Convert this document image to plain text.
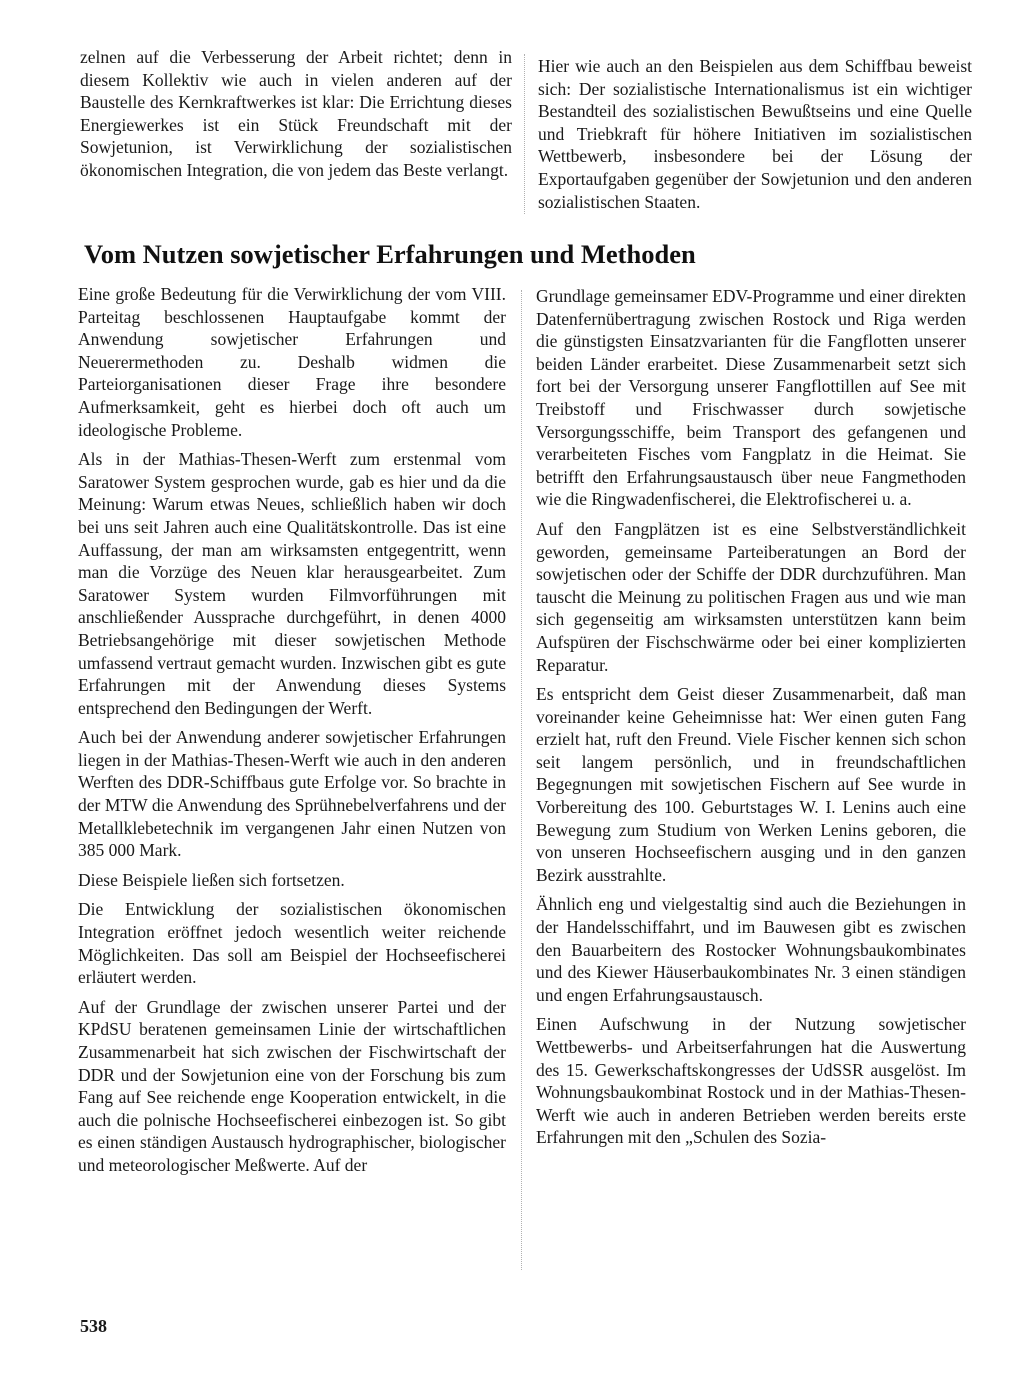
zelnen auf die Verbesserung der Arbeit richtet; denn in diesem Kollektiv wie auch in vielen anderen auf der Baustelle des Kernkraftwerkes ist klar: Die Errichtung dieses Energiewerkes ist ein Stück Freundschaft mit der Sowjetunion, ist Verwirklichung der sozialistischen ökonomischen Integration, die von jedem das Beste verlangt.

Hier wie auch an den Beispielen aus dem Schiffbau beweist sich: Der sozialistische Internationalismus ist ein wichtiger Bestandteil des sozialistischen Bewußtseins und eine Quelle und Triebkraft für höhere Initiativen im sozialistischen Wettbewerb, insbesondere bei der Lösung der Exportaufgaben gegenüber der Sowjetunion und den anderen sozialistischen Staaten.

Vom Nutzen sowjetischer Erfahrungen und Methoden

Eine große Bedeutung für die Verwirklichung der vom VIII. Parteitag beschlossenen Hauptaufgabe kommt der Anwendung sowjetischer Erfahrungen und Neuerermethoden zu. Deshalb widmen die Parteiorganisationen dieser Frage ihre besondere Aufmerksamkeit, geht es hierbei doch oft auch um ideologische Probleme.

Als in der Mathias-Thesen-Werft zum erstenmal vom Saratower System gesprochen wurde, gab es hier und da die Meinung: Warum etwas Neues, schließlich haben wir doch bei uns seit Jahren auch eine Qualitätskontrolle. Das ist eine Auffassung, der man am wirksamsten entgegentritt, wenn man die Vorzüge des Neuen klar herausgearbeitet. Zum Saratower System wurden Filmvorführungen mit anschließender Aussprache durchgeführt, in denen 4000 Betriebsangehörige mit dieser sowjetischen Methode umfassend vertraut gemacht wurden. Inzwischen gibt es gute Erfahrungen mit der Anwendung dieses Systems entsprechend den Bedingungen der Werft.

Auch bei der Anwendung anderer sowjetischer Erfahrungen liegen in der Mathias-Thesen-Werft wie auch in den anderen Werften des DDR-Schiffbaus gute Erfolge vor. So brachte in der MTW die Anwendung des Sprühnebelverfahrens und der Metallklebetechnik im vergangenen Jahr einen Nutzen von 385 000 Mark.

Diese Beispiele ließen sich fortsetzen.

Die Entwicklung der sozialistischen ökonomischen Integration eröffnet jedoch wesentlich weiter reichende Möglichkeiten. Das soll am Beispiel der Hochseefischerei erläutert werden.

Auf der Grundlage der zwischen unserer Partei und der KPdSU beratenen gemeinsamen Linie der wirtschaftlichen Zusammenarbeit hat sich zwischen der Fischwirtschaft der DDR und der Sowjetunion eine von der Forschung bis zum Fang auf See reichende enge Kooperation entwickelt, in die auch die polnische Hochseefischerei einbezogen ist. So gibt es einen ständigen Austausch hydrographischer, biologischer und meteorologischer Meßwerte. Auf der

Grundlage gemeinsamer EDV-Programme und einer direkten Datenfernübertragung zwischen Rostock und Riga werden die günstigsten Einsatzvarianten für die Fangflotten unserer beiden Länder erarbeitet. Diese Zusammenarbeit setzt sich fort bei der Versorgung unserer Fangflottillen auf See mit Treibstoff und Frischwasser durch sowjetische Versorgungsschiffe, beim Transport des gefangenen und verarbeiteten Fisches vom Fangplatz in die Heimat. Sie betrifft den Erfahrungsaustausch über neue Fangmethoden wie die Ringwadenfischerei, die Elektrofischerei u. a.

Auf den Fangplätzen ist es eine Selbstverständlichkeit geworden, gemeinsame Parteiberatungen an Bord der sowjetischen oder der Schiffe der DDR durchzuführen. Man tauscht die Meinung zu politischen Fragen aus und wie man sich gegenseitig am wirksamsten unterstützen kann beim Aufspüren der Fischschwärme oder bei einer komplizierten Reparatur.

Es entspricht dem Geist dieser Zusammenarbeit, daß man voreinander keine Geheimnisse hat: Wer einen guten Fang erzielt hat, ruft den Freund. Viele Fischer kennen sich schon seit langem persönlich, und in freundschaftlichen Begegnungen mit sowjetischen Fischern auf See wurde in Vorbereitung des 100. Geburtstages W. I. Lenins auch eine Bewegung zum Studium von Werken Lenins geboren, die von unseren Hochseefischern ausging und in den ganzen Bezirk ausstrahlte.

Ähnlich eng und vielgestaltig sind auch die Beziehungen in der Handelsschiffahrt, und im Bauwesen gibt es zwischen den Bauarbeitern des Rostocker Wohnungsbaukombinates und des Kiewer Häuserbaukombinates Nr. 3 einen ständigen und engen Erfahrungsaustausch.

Einen Aufschwung in der Nutzung sowjetischer Wettbewerbs- und Arbeitserfahrungen hat die Auswertung des 15. Gewerkschaftskongresses der UdSSR ausgelöst. Im Wohnungsbaukombinat Rostock und in der Mathias-Thesen-Werft wie auch in anderen Betrieben werden bereits erste Erfahrungen mit den „Schulen des Sozia-

538
